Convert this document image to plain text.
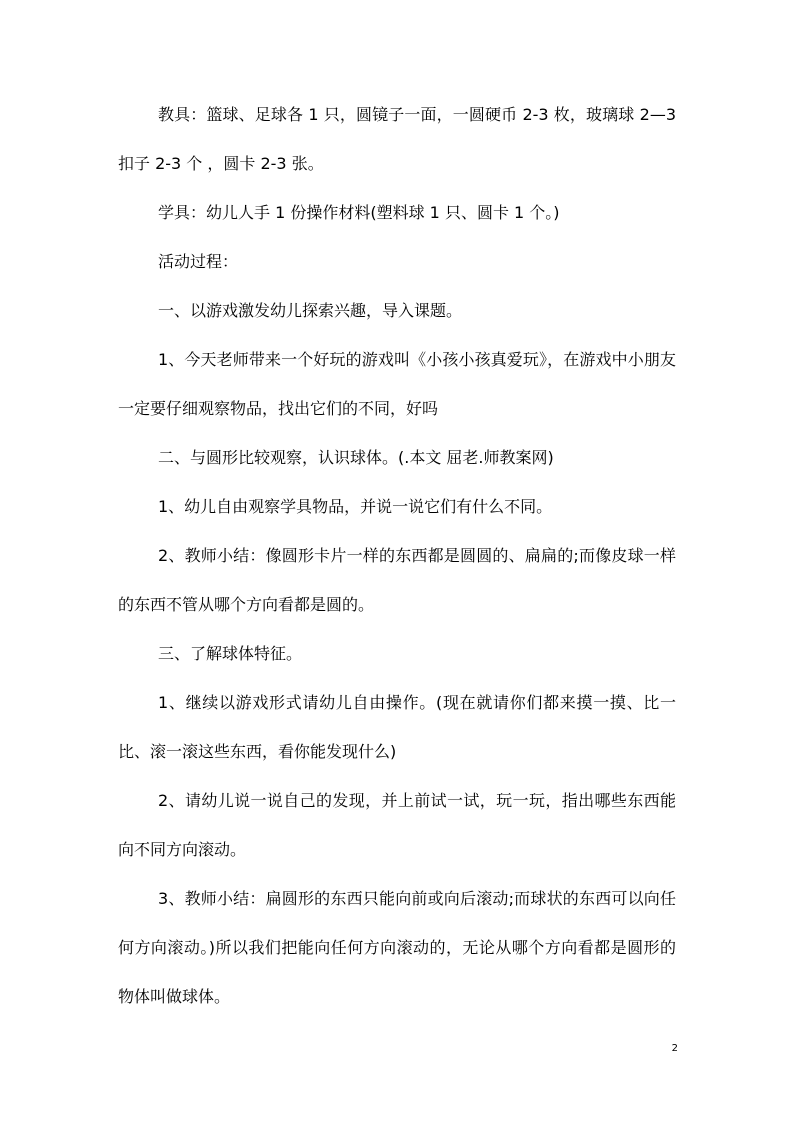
教具：篮球、足球各 1 只，圆镜子一面，一圆硬币 2-3 枚，玻璃球 2—3 扣子 2-3 个 ，圆卡 2-3 张。

学具：幼儿人手 1 份操作材料(塑料球 1 只、圆卡 1 个。)

活动过程：

一、以游戏激发幼儿探索兴趣，导入课题。

1、今天老师带来一个好玩的游戏叫《小孩小孩真爱玩》，在游戏中小朋友一定要仔细观察物品，找出它们的不同，好吗

二、与圆形比较观察，认识球体。(.本文 屈老.师教案网)

1、幼儿自由观察学具物品，并说一说它们有什么不同。

2、教师小结：像圆形卡片一样的东西都是圆圆的、扁扁的;而像皮球一样的东西不管从哪个方向看都是圆的。

三、了解球体特征。

1、继续以游戏形式请幼儿自由操作。(现在就请你们都来摸一摸、比一比、滚一滚这些东西，看你能发现什么)

2、请幼儿说一说自己的发现，并上前试一试，玩一玩，指出哪些东西能向不同方向滚动。

3、教师小结：扁圆形的东西只能向前或向后滚动;而球状的东西可以向任何方向滚动。)所以我们把能向任何方向滚动的，无论从哪个方向看都是圆形的物体叫做球体。

2
